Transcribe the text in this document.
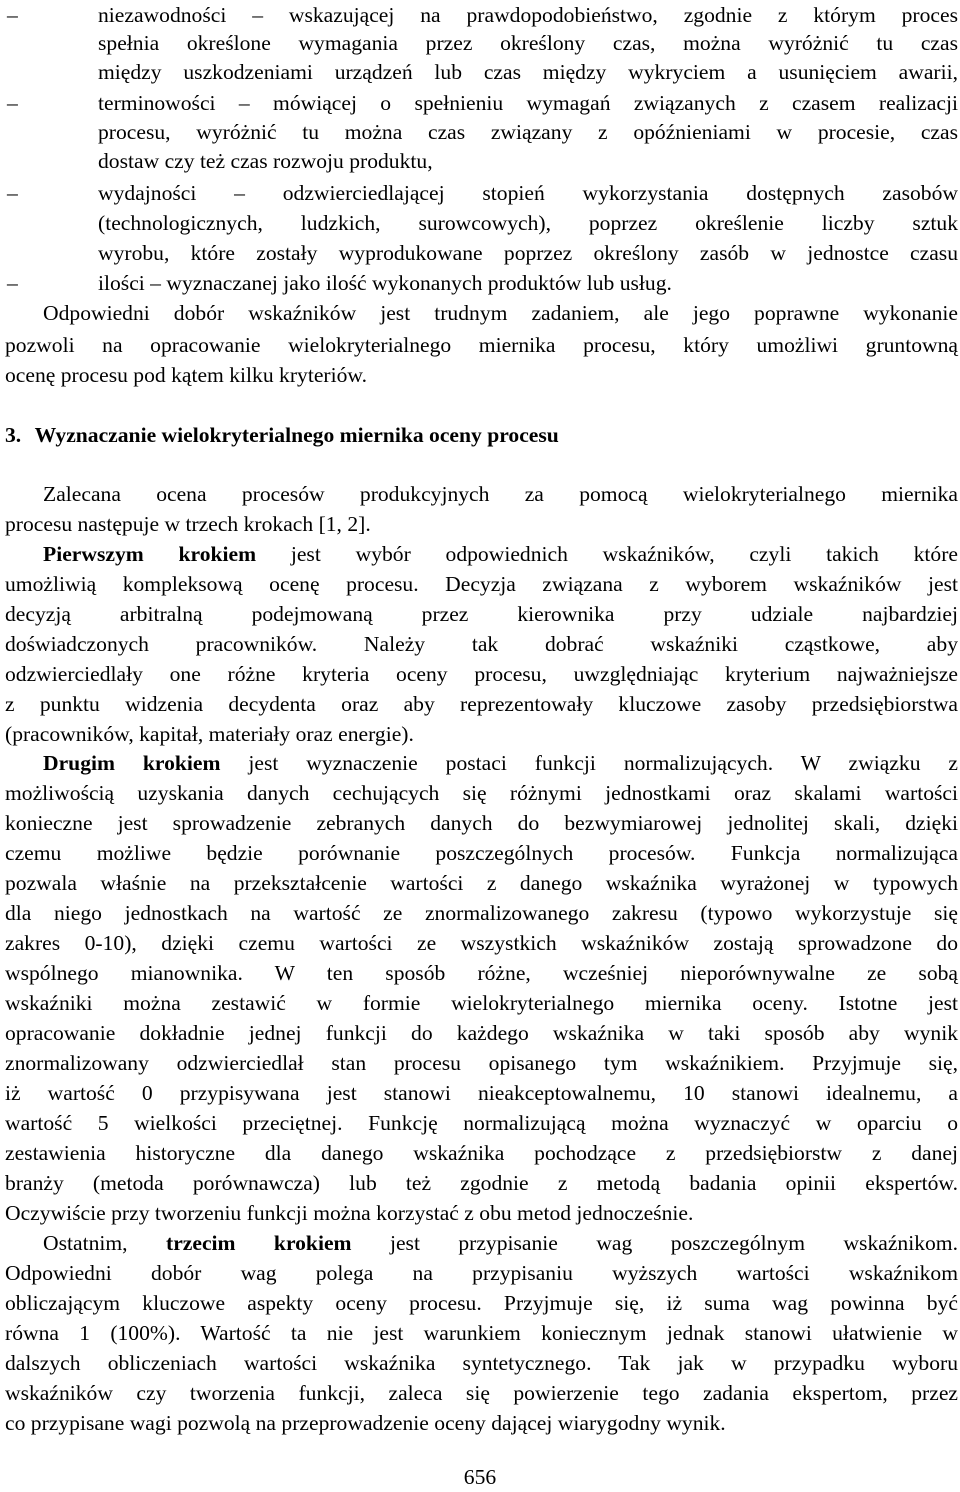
–	niezawodności – wskazującej na prawdopodobieństwo, zgodnie z którym proces
spełnia określone wymagania przez określony czas, można wyróżnić tu czas
między uszkodzeniami urządzeń lub czas między wykryciem a usunięciem awarii,
–	terminowości – mówiącej o spełnieniu wymagań związanych z czasem realizacji
procesu, wyróżnić tu można czas związany z opóźnieniami w procesie, czas
dostaw czy też czas rozwoju produktu,
–	wydajności – odzwierciedlającej stopień wykorzystania dostępnych zasobów
(technologicznych, ludzkich, surowcowych), poprzez określenie liczby sztuk
wyrobu, które zostały wyprodukowane poprzez określony zasób w jednostce czasu
–	ilości – wyznaczanej jako ilość wykonanych produktów lub usług.
Odpowiedni dobór wskaźników jest trudnym zadaniem, ale jego poprawne wykonanie
pozwoli na opracowanie wielokryterialnego miernika procesu, który umożliwi gruntowną
ocenę procesu pod kątem kilku kryteriów.
3. Wyznaczanie wielokryterialnego miernika oceny procesu
Zalecana ocena procesów produkcyjnych za pomocą wielokryterialnego miernika
procesu następuje w trzech krokach [1, 2].
Pierwszym krokiem jest wybór odpowiednich wskaźników, czyli takich które
umożliwią kompleksową ocenę procesu. Decyzja związana z wyborem wskaźników jest
decyzją arbitralną podejmowaną przez kierownika przy udziale najbardziej
doświadczonych pracowników. Należy tak dobrać wskaźniki cząstkowe, aby
odzwierciedlały one różne kryteria oceny procesu, uwzględniając kryterium najważniejsze
z punktu widzenia decydenta oraz aby reprezentowały kluczowe zasoby przedsiębiorstwa
(pracowników, kapitał, materiały oraz energie).
Drugim krokiem jest wyznaczenie postaci funkcji normalizujących. W związku z
możliwością uzyskania danych cechujących się różnymi jednostkami oraz skalami wartości
konieczne jest sprowadzenie zebranych danych do bezwymiarowej jednolitej skali, dzięki
czemu możliwe będzie porównanie poszczególnych procesów. Funkcja normalizująca
pozwala właśnie na przekształcenie wartości z danego wskaźnika wyrażonej w typowych
dla niego jednostkach na wartość ze znormalizowanego zakresu (typowo wykorzystuje się
zakres 0-10), dzięki czemu wartości ze wszystkich wskaźników zostają sprowadzone do
wspólnego mianownika. W ten sposób różne, wcześniej nieporównywalne ze sobą
wskaźniki można zestawić w formie wielokryterialnego miernika oceny. Istotne jest
opracowanie dokładnie jednej funkcji do każdego wskaźnika w taki sposób aby wynik
znormalizowany odzwierciedlał stan procesu opisanego tym wskaźnikiem. Przyjmuje się,
iż wartość 0 przypisywana jest stanowi nieakceptowalnemu, 10 stanowi idealnemu, a
wartość 5 wielkości przeciętnej. Funkcję normalizującą można wyznaczyć w oparciu o
zestawienia historyczne dla danego wskaźnika pochodzące z przedsiębiorstw z danej
branży (metoda porównawcza) lub też zgodnie z metodą badania opinii ekspertów.
Oczywiście przy tworzeniu funkcji można korzystać z obu metod jednocześnie.
Ostatnim, trzecim krokiem jest przypisanie wag poszczególnym wskaźnikom.
Odpowiedni dobór wag polega na przypisaniu wyższych wartości wskaźnikom
obliczającym kluczowe aspekty oceny procesu. Przyjmuje się, iż suma wag powinna być
równa 1 (100%). Wartość ta nie jest warunkiem koniecznym jednak stanowi ułatwienie w
dalszych obliczeniach wartości wskaźnika syntetycznego. Tak jak w przypadku wyboru
wskaźników czy tworzenia funkcji, zaleca się powierzenie tego zadania ekspertom, przez
co przypisane wagi pozwolą na przeprowadzenie oceny dającej wiarygodny wynik.
656
